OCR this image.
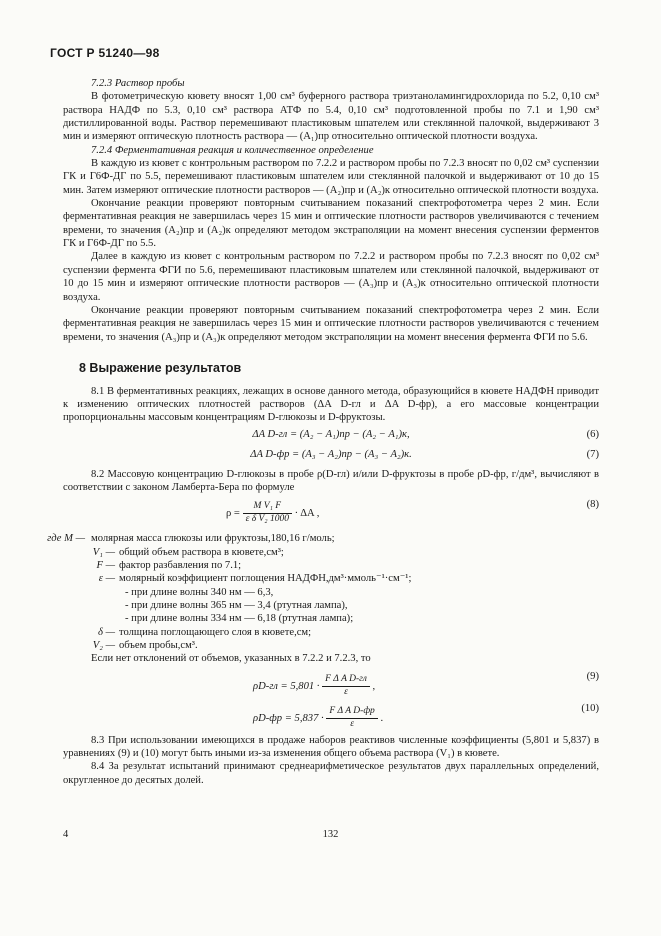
ГОСТ Р 51240—98

7.2.3 Раствор пробы

В фотометрическую кювету вносят 1,00 см³ буферного раствора триэтаноламингидрохлорида по 5.2, 0,10 см³ раствора НАДФ по 5.3, 0,10 см³ раствора АТФ по 5.4, 0,10 см³ подготовленной пробы по 7.1 и 1,90 см³ дистиллированной воды. Раствор перемешивают пластиковым шпателем или стеклянной палочкой, выдерживают 3 мин и измеряют оптическую плотность раствора — (A₁)пр относительно оптической плотности воздуха.

7.2.4 Ферментативная реакция и количественное определение

В каждую из кювет с контрольным раствором по 7.2.2 и раствором пробы по 7.2.3 вносят по 0,02 см³ суспензии ГК и Г6Ф-ДГ по 5.5, перемешивают пластиковым шпателем или стеклянной палочкой и выдерживают от 10 до 15 мин. Затем измеряют оптические плотности растворов — (A₂)пр и (A₂)к относительно оптической плотности воздуха.

Окончание реакции проверяют повторным считыванием показаний спектрофотометра через 2 мин. Если ферментативная реакция не завершилась через 15 мин и оптические плотности растворов увеличиваются с течением времени, то значения (A₂)пр и (A₂)к определяют методом экстраполяции на момент внесения суспензии ферментов ГК и Г6Ф-ДГ по 5.5.

Далее в каждую из кювет с контрольным раствором по 7.2.2 и раствором пробы по 7.2.3 вносят по 0,02 см³ суспензии фермента ФГИ по 5.6, перемешивают пластиковым шпателем или стеклянной палочкой, выдерживают от 10 до 15 мин и измеряют оптические плотности растворов — (A₃)пр и (A₃)к относительно оптической плотности воздуха.

Окончание реакции проверяют повторным считыванием показаний спектрофотометра через 2 мин. Если ферментативная реакция не завершилась через 15 мин и оптические плотности растворов увеличиваются с течением времени, то значения (A₃)пр и (A₃)к определяют методом экстраполяции на момент внесения фермента ФГИ по 5.6.

8 Выражение результатов

8.1 В ферментативных реакциях, лежащих в основе данного метода, образующийся в кювете НАДФН приводит к изменению оптических плотностей растворов (ΔA D-гл и ΔA D-фр), а его массовые концентрации пропорциональны массовым концентрациям D-глюкозы и D-фруктозы.

ΔA D-гл = (A₂ − A₁)пр − (A₂ − A₁)к,	(6)
ΔA D-фр = (A₃ − A₂)пр − (A₃ − A₂)к.	(7)

8.2 Массовую концентрацию D-глюкозы в пробе ρ(D-гл) и/или D-фруктозы в пробе ρD-фр, г/дм³, вычисляют в соответствии с законом Ламберта-Бера по формуле

$\rho = \frac{\text{M V₁ F}}{\text{ε δ V₂ 1000}} \cdot \Delta A$ ,
(8)
где M — молярная масса глюкозы или фруктозы,180,16 г/моль;
V₁ — общий объем раствора в кювете,см³;
F — фактор разбавления по 7.1;
ε — молярный коэффициент поглощения НАДФН,дм³·ммоль⁻¹·см⁻¹;
- при длине волны 340 нм — 6,3,
- при длине волны 365 нм — 3,4 (ртутная лампа),
- при длине волны 334 нм — 6,18 (ртутная лампа);
δ — толщина поглощающего слоя в кювете,см;
V₂ — объем пробы,см³.

Если нет отклонений от объемов, указанных в 7.2.2 и 7.2.3, то

$\rho D-гл = 5,801 \cdot \frac{\text{F Δ A D-гл}}{\varepsilon}$ ,
(9)
$\rho D-фр = 5,837 \cdot \frac{\text{F Δ A D-фр}}{\varepsilon}$ .
(10)

8.3 При использовании имеющихся в продаже наборов реактивов численные коэффициенты (5,801 и 5,837) в уравнениях (9) и (10) могут быть иными из-за изменения общего объема раствора (V₁) в кювете.

8.4 За результат испытаний принимают среднеарифметическое результатов двух параллельных определений, округленное до десятых долей.

4	132
